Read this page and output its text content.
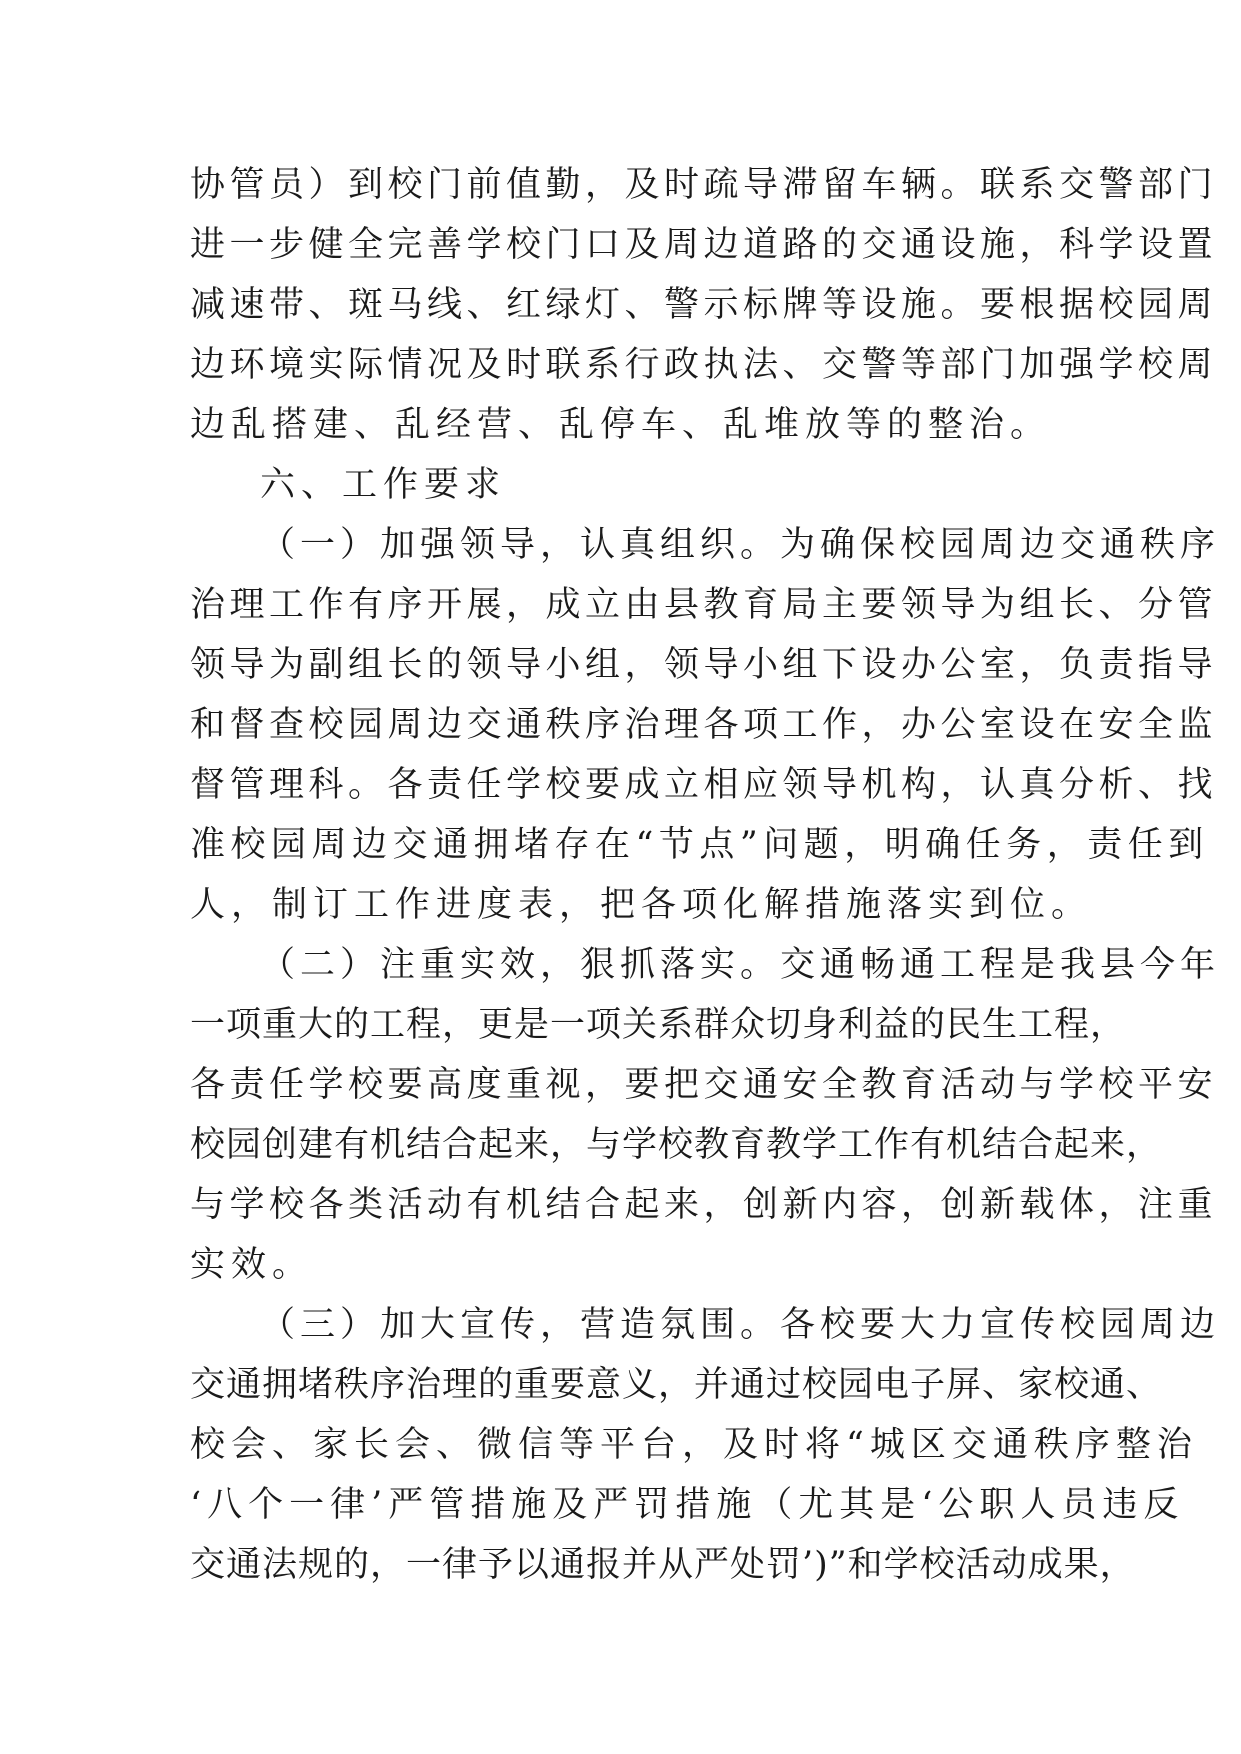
协管员）到校门前值勤，及时疏导滞留车辆。联系交警部门
进一步健全完善学校门口及周边道路的交通设施，科学设置
减速带、斑马线、红绿灯、警示标牌等设施。要根据校园周
边环境实际情况及时联系行政执法、交警等部门加强学校周
边乱搭建、乱经营、乱停车、乱堆放等的整治。
六、工作要求
（一）加强领导，认真组织。为确保校园周边交通秩序
治理工作有序开展，成立由县教育局主要领导为组长、分管
领导为副组长的领导小组，领导小组下设办公室，负责指导
和督查校园周边交通秩序治理各项工作，办公室设在安全监
督管理科。各责任学校要成立相应领导机构，认真分析、找
准校园周边交通拥堵存在“节点”问题，明确任务，责任到
人，制订工作进度表，把各项化解措施落实到位。
（二）注重实效，狠抓落实。交通畅通工程是我县今年
一项重大的工程，更是一项关系群众切身利益的民生工程，
各责任学校要高度重视，要把交通安全教育活动与学校平安
校园创建有机结合起来，与学校教育教学工作有机结合起来，
与学校各类活动有机结合起来，创新内容，创新载体，注重
实效。
（三）加大宣传，营造氛围。各校要大力宣传校园周边
交通拥堵秩序治理的重要意义，并通过校园电子屏、家校通、
校会、家长会、微信等平台，及时将“城区交通秩序整治
‘八个一律’严管措施及严罚措施（尤其是‘公职人员违反
交通法规的，一律予以通报并从严处罚’)”和学校活动成果，
